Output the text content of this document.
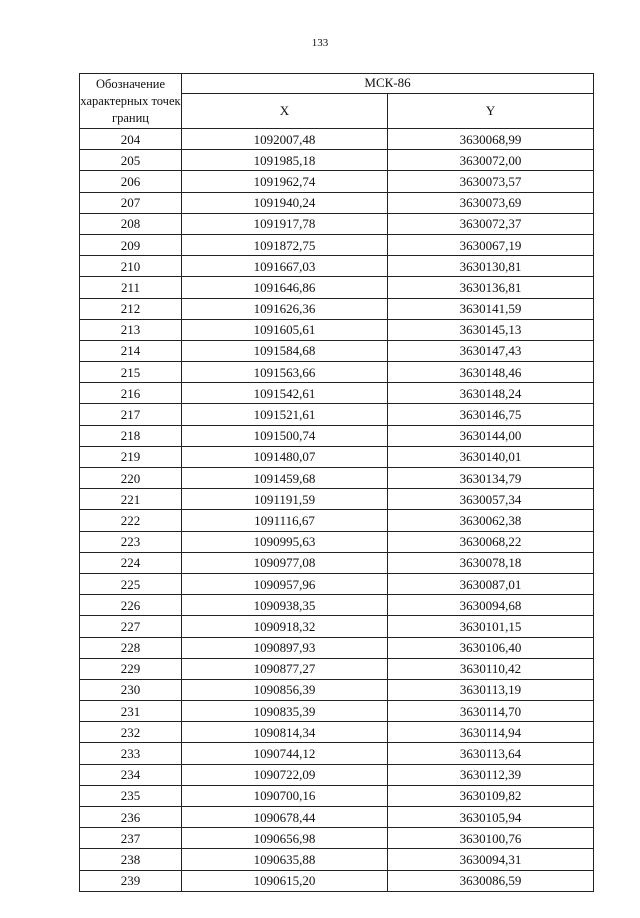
133
Обозначение характерных точек границ	МСК-86	
	X	Y
204	1092007,48	3630068,99
205	1091985,18	3630072,00
206	1091962,74	3630073,57
207	1091940,24	3630073,69
208	1091917,78	3630072,37
209	1091872,75	3630067,19
210	1091667,03	3630130,81
211	1091646,86	3630136,81
212	1091626,36	3630141,59
213	1091605,61	3630145,13
214	1091584,68	3630147,43
215	1091563,66	3630148,46
216	1091542,61	3630148,24
217	1091521,61	3630146,75
218	1091500,74	3630144,00
219	1091480,07	3630140,01
220	1091459,68	3630134,79
221	1091191,59	3630057,34
222	1091116,67	3630062,38
223	1090995,63	3630068,22
224	1090977,08	3630078,18
225	1090957,96	3630087,01
226	1090938,35	3630094,68
227	1090918,32	3630101,15
228	1090897,93	3630106,40
229	1090877,27	3630110,42
230	1090856,39	3630113,19
231	1090835,39	3630114,70
232	1090814,34	3630114,94
233	1090744,12	3630113,64
234	1090722,09	3630112,39
235	1090700,16	3630109,82
236	1090678,44	3630105,94
237	1090656,98	3630100,76
238	1090635,88	3630094,31
239	1090615,20	3630086,59
